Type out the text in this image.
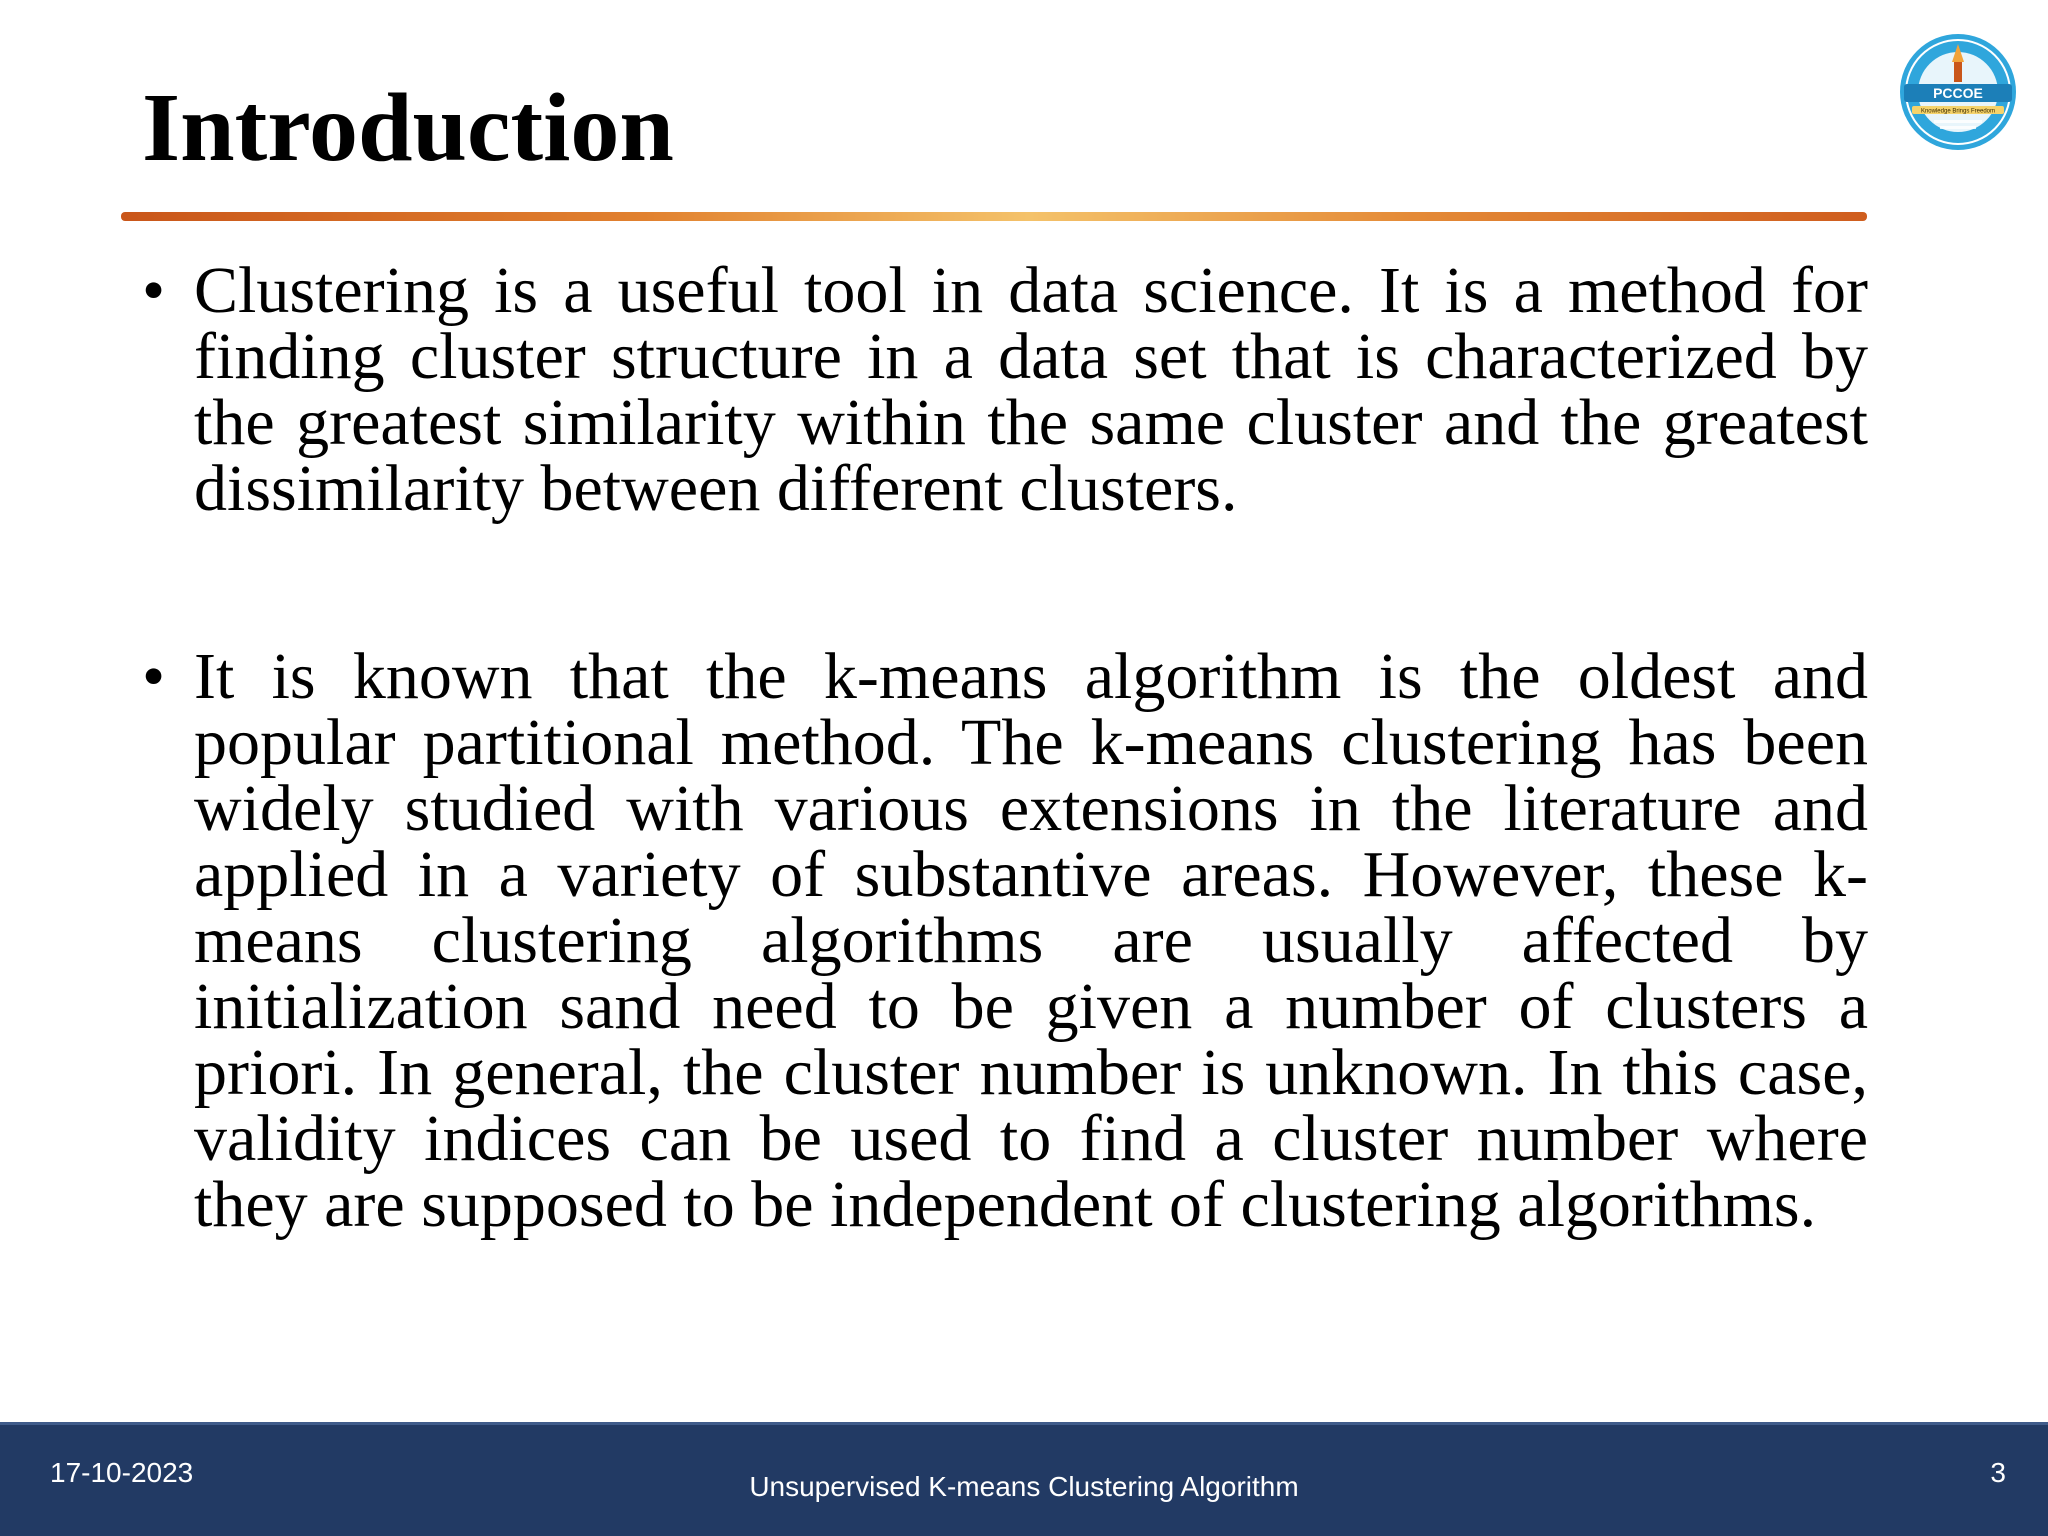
Introduction	PCCOE
Knowledge Brings Freedom
• Clustering is a useful tool in data science. It is a method for finding cluster structure in a data set that is characterized by the greatest similarity within the same cluster and the greatest dissimilarity between different clusters.
• It is known that the k-means algorithm is the oldest and popular partitional method. The k-means clustering has been widely studied with various extensions in the literature and applied in a variety of substantive areas. However, these k-means clustering algorithms are usually affected by initialization sand need to be given a number of clusters a priori. In general, the cluster number is unknown. In this case, validity indices can be used to find a cluster number where they are supposed to be independent of clustering algorithms.
17-10-2023	Unsupervised K-means Clustering Algorithm	3
